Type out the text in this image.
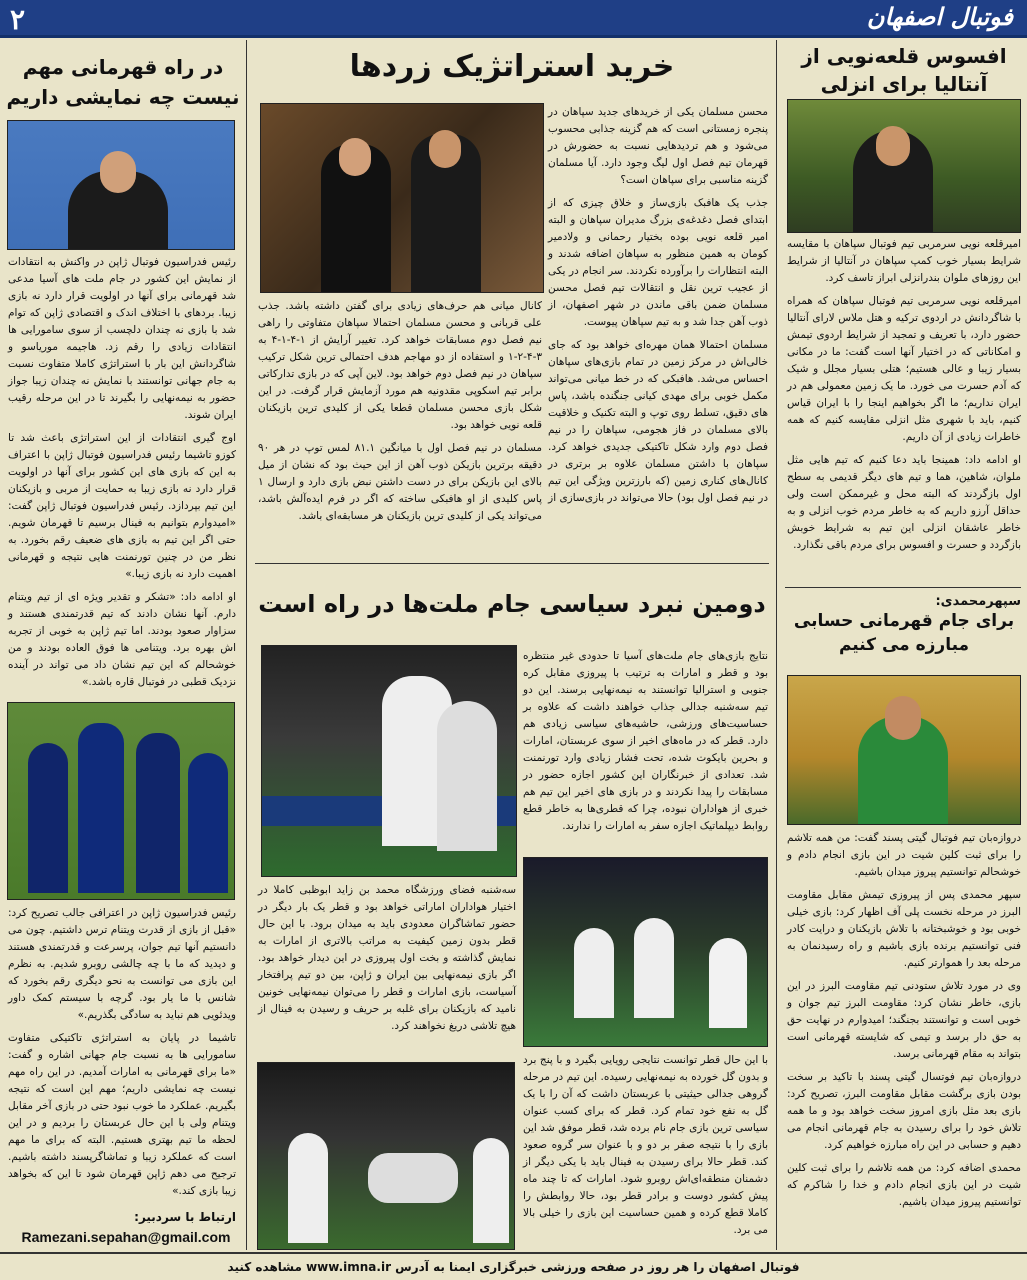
۲	فوتبال اصفهان
افسوس قلعه‌نویی از آنتالیا برای انزلی

امیرقلعه نویی سرمربی تیم فوتبال سپاهان با مقایسه شرایط بسیار خوب کمپ سپاهان در آنتالیا از شرایط این روزهای ملوان بندرانزلی ابراز تاسف کرد.

امیرقلعه نویی سرمربی تیم فوتبال سپاهان که همراه با شاگردانش در اردوی ترکیه و هتل ملاس لارای آنتالیا حضور دارد، با تعریف و تمجید از شرایط اردوی تیمش و امکاناتی که در اختیار آنها است گفت: ما در مکانی بسیار زیبا و عالی هستیم؛ هتلی بسیار مجلل و شیک که آدم حسرت می خورد. ما یک زمین معمولی هم در ایران نداریم؛ ما اگر بخواهیم اینجا را با ایران قیاس کنیم، باید با شهری مثل انزلی مقایسه کنیم که همه خاطرات زیادی از آن داریم.

او ادامه داد: همینجا باید دعا کنیم که تیم هایی مثل ملوان، شاهین، هما و تیم های دیگر قدیمی به سطح اول بازگردند که البته محل و غیرممکن است ولی حداقل آرزو داریم که به خاطر مردم خوب انزلی و به خاطر عاشقان انزلی این تیم به شرایط خوبش بازگردد و حسرت و افسوس برای مردم باقی نگذارد.

سپهرمحمدی:
برای جام قهرمانی حسابی مبارزه می کنیم

دروازه‌بان تیم فوتبال گیتی پسند گفت: من همه تلاشم را برای ثبت کلین شیت در این بازی انجام دادم و خوشحالم توانستیم پیروز میدان باشیم.

سپهر محمدی پس از پیروزی تیمش مقابل مقاومت البرز در مرحله نخست پلی آف اظهار کرد: بازی خیلی خوبی بود و خوشبختانه با تلاش بازیکنان و درایت کادر فنی توانستیم برنده بازی باشیم و راه رسیدنمان به مرحله بعد را هموارتر کنیم.

وی در مورد تلاش ستودنی تیم مقاومت البرز در این بازی، خاطر نشان کرد: مقاومت البرز تیم جوان و خوبی است و توانستند بجنگند؛ امیدوارم در نهایت حق به حق دار برسد و تیمی که شایسته قهرمانی است بتواند به مقام قهرمانی برسد.

دروازه‌بان تیم فوتسال گیتی پسند با تاکید بر سخت بودن بازی برگشت مقابل مقاومت البرز، تصریح کرد: بازی بعد مثل بازی امروز سخت خواهد بود و ما همه تلاش خود را برای رسیدن به جام قهرمانی انجام می دهیم و حسابی در این راه مبارزه خواهیم کرد.

محمدی اضافه کرد: من همه تلاشم را برای ثبت کلین شیت در این بازی انجام دادم و خدا را شاکرم که توانستیم پیروز میدان باشیم.

خرید استراتژیک زردها

محسن مسلمان یکی از خریدهای جدید سپاهان در پنجره زمستانی است که هم گزینه جذابی محسوب می‌شود و هم تردیدهایی نسبت به حضورش در قهرمان تیم فصل اول لیگ وجود دارد. آیا مسلمان گزینه مناسبی برای سپاهان است؟

جذب یک هافبک بازی‌ساز و خلاق چیزی که از ابتدای فصل دغدغه‌ی بزرگ مدیران سپاهان و البته امیر قلعه نویی بوده بختیار رحمانی و ولادمیر کومان به همین منظور به سپاهان اضافه شدند و البته انتظارات را برآورده نکردند. سر انجام در یکی از عجیب ترین نقل و انتقالات تیم فصل محسن مسلمان ضمن باقی ماندن در شهر اصفهان، از ذوب آهن جدا شد و به تیم سپاهان پیوست.

مسلمان احتمالا همان مهره‌ای خواهد بود که جای خالی‌اش در مرکز زمین در تمام بازی‌های سپاهان احساس می‌شد. هافبکی که در خط میانی می‌تواند مکمل خوبی برای مهدی کیانی جنگنده باشد، پاس های دقیق، تسلط روی توپ و البته تکنیک و خلاقیت بالای مسلمان در فاز هجومی، سپاهان را در نیم فصل دوم وارد شکل تاکتیکی جدیدی خواهد کرد. سپاهان با داشتن مسلمان علاوه بر برتری در کانال‌های کناری زمین (که بارزترین ویژگی این تیم در نیم فصل اول بود) حالا می‌تواند در بازی‌سازی از

کانال میانی هم حرف‌های زیادی برای گفتن داشته باشد. جذب علی قربانی و محسن مسلمان احتمالا سپاهان متفاوتی را راهی نیم فصل دوم مسابقات خواهد کرد. تغییر آرایش از ۱-۴-۱-۴ به ۳-۴-۲-۱ و استفاده از دو مهاجم هدف احتمالی ترین شکل ترکیب سپاهان در نیم فصل دوم خواهد بود. لاین آپی که در بازی تدارکاتی برابر تیم اسکوپی مقدونیه هم مورد آزمایش قرار گرفت. در این شکل بازی محسن مسلمان قطعا یکی از کلیدی ترین بازیکنان قلعه نویی خواهد بود.

مسلمان در نیم فصل اول با میانگین ۸۱.۱ لمس توپ در هر ۹۰ دقیقه برترین بازیکن ذوب آهن از این حیث بود که نشان از میل بالای این بازیکن برای در دست داشتن نبض بازی دارد و ارسال ۱ پاس کلیدی از او هافبکی ساخته که اگر در فرم ایده‌آلش باشد، می‌تواند یکی از کلیدی ترین بازیکنان هر مسابقه‌ای باشد.

دومین نبرد سیاسی جام ملت‌ها در راه است

نتایج بازی‌های جام ملت‌های آسیا تا حدودی غیر منتظره بود و قطر و امارات به ترتیب با پیروزی مقابل کره جنوبی و استرالیا توانستند به نیمه‌نهایی برسند. این دو تیم سه‌شنبه جدالی جذاب خواهند داشت که علاوه بر حساسیت‌های ورزشی، حاشیه‌های سیاسی زیادی هم دارد. قطر که در ماه‌های اخیر از سوی عربستان، امارات و بحرین بایکوت شده، تحت فشار زیادی وارد تورنمنت شد. تعدادی از خبرنگاران این کشور اجازه حضور در مسابقات را پیدا نکردند و در بازی های اخیر این تیم هم خبری از هواداران نبوده، چرا که قطری‌ها به خاطر قطع روابط دیپلماتیک اجازه سفر به امارات را ندارند.

سه‌شنبه فضای ورزشگاه محمد بن زاید ابوظبی کاملا در اختیار هواداران اماراتی خواهد بود و قطر یک بار دیگر در حضور تماشاگران معدودی باید به میدان برود. با این حال قطر بدون زمین کیفیت به مراتب بالاتری از امارات به نمایش گذاشته و بخت اول پیروزی در این دیدار خواهد بود. اگر بازی نیمه‌نهایی بین ایران و ژاپن، بین دو تیم پرافتخار آسیاست، بازی امارات و قطر را می‌توان نیمه‌نهایی خونین نامید که بازیکنان برای غلبه بر حریف و رسیدن به فینال از هیچ تلاشی دریغ نخواهند کرد.

با این حال قطر توانست نتایجی رویایی بگیرد و با پنج برد و بدون گل خورده به نیمه‌نهایی رسیده. این تیم در مرحله گروهی جدالی حیثیتی با عربستان داشت که آن را با یک گل به نفع خود تمام کرد. قطر که برای کسب عنوان سیاسی ترین بازی جام نام برده شد، قطر موفق شد این بازی را با نتیجه صفر بر دو و با عنوان سر گروه صعود کند. قطر حالا برای رسیدن به فینال باید با یکی دیگر از دشمنان منطقه‌ای‌اش روبرو شود. امارات که تا چند ماه پیش کشور دوست و برادر قطر بود، حالا روابطش را کاملا قطع کرده و همین حساسیت این بازی را خیلی بالا می برد.

در راه قهرمانی مهم نیست چه نمایشی داریم

رئیس فدراسیون فوتبال ژاپن در واکنش به انتقادات از نمایش این کشور در جام ملت های آسیا مدعی شد قهرمانی برای آنها در اولویت قرار دارد نه بازی زیبا. بردهای با اختلاف اندک و اقتصادی ژاپن که توام شد با بازی نه چندان دلچسب از سوی سامورایی ها انتقادات زیادی را رقم زد. هاجیمه موریاسو و شاگردانش این بار با استراتژی کاملا متفاوت نسبت به جام جهانی توانستند با نمایش نه چندان زیبا جواز حضور به نیمه‌نهایی را بگیرند تا در این مرحله رقیب ایران شوند.

اوج گیری انتقادات از این استراتژی باعث شد تا کوزو تاشیما رئیس فدراسیون فوتبال ژاپن با اعتراف به این که بازی های این کشور برای آنها در اولویت قرار دارد نه بازی زیبا به حمایت از مربی و بازیکنان این تیم بپردازد. رئیس فدراسیون فوتبال ژاپن گفت: «امیدوارم بتوانیم به فینال برسیم تا قهرمان شویم. حتی اگر این تیم به بازی های ضعیف رقم بخورد. به نظر من در چنین تورنمنت هایی نتیجه و قهرمانی اهمیت دارد نه بازی زیبا.»

او ادامه داد: «تشکر و تقدیر ویژه ای از تیم ویتنام دارم. آنها نشان دادند که تیم قدرتمندی هستند و سزاوار صعود بودند. اما تیم ژاپن به خوبی از تجربه اش بهره برد. ویتنامی ها فوق العاده بودند و من خوشحالم که این تیم نشان داد می تواند در آینده نزدیک قطبی در فوتبال قاره باشد.»

رئیس فدراسیون ژاپن در اعترافی جالب تصریح کرد: «قبل از بازی از قدرت ویتنام ترس داشتیم. چون می دانستیم آنها تیم جوان، پرسرعت و قدرتمندی هستند و دیدید که ما با چه چالشی روبرو شدیم. به نظرم این بازی می توانست به نحو دیگری رقم بخورد که شانس با ما یار بود. گرچه با سیستم کمک داور ویدئویی هم نباید به سادگی بگذریم.»

تاشیما در پایان به استراتژی تاکتیکی متفاوت سامورایی ها به نسبت جام جهانی اشاره و گفت: «ما برای قهرمانی به امارات آمدیم. در این راه مهم نیست چه نمایشی داریم؛ مهم این است که نتیجه بگیریم. عملکرد ما خوب نبود حتی در بازی آخر مقابل ویتنام ولی با این حال عربستان را بردیم و در این لحظه ما تیم بهتری هستیم. البته که برای ما مهم است که عملکرد زیبا و تماشاگرپسند داشته باشیم. ترجیح می دهم ژاپن قهرمان شود تا این که بخواهد زیبا بازی کند.»

ارتباط با سردبیر:
Ramezani.sepahan@gmail.com
فوتبال اصفهان را هر روز در صفحه ورزشی خبرگزاری ایمنا به آدرس www.imna.ir مشاهده کنید
